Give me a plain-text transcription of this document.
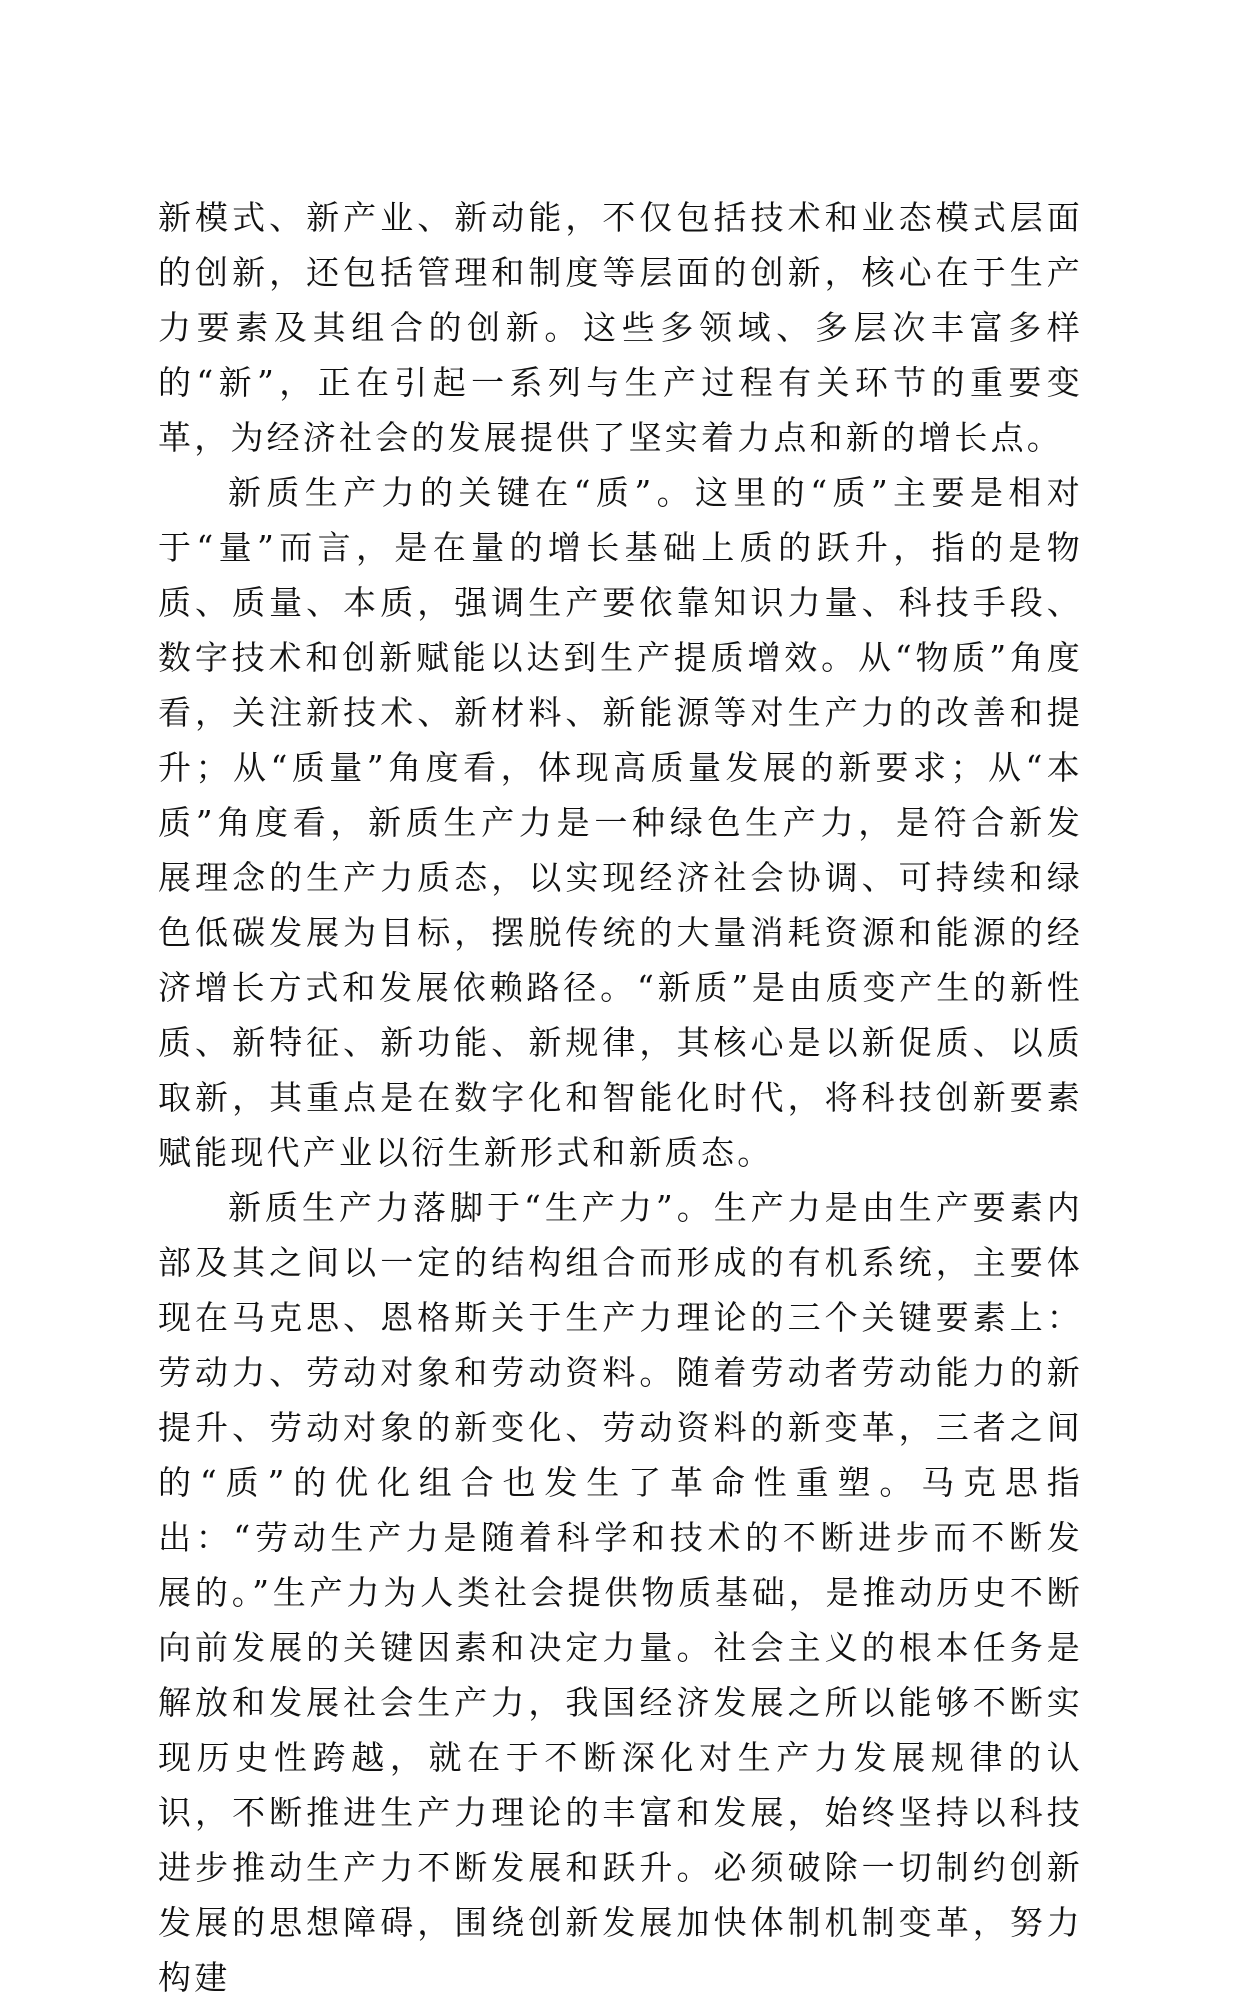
新模式、新产业、新动能，不仅包括技术和业态模式层面的创新，还包括管理和制度等层面的创新，核心在于生产力要素及其组合的创新。这些多领域、多层次丰富多样的“新”，正在引起一系列与生产过程有关环节的重要变革，为经济社会的发展提供了坚实着力点和新的增长点。

新质生产力的关键在“质”。这里的“质”主要是相对于“量”而言，是在量的增长基础上质的跃升，指的是物质、质量、本质，强调生产要依靠知识力量、科技手段、数字技术和创新赋能以达到生产提质增效。从“物质”角度看，关注新技术、新材料、新能源等对生产力的改善和提升；从“质量”角度看，体现高质量发展的新要求；从“本质”角度看，新质生产力是一种绿色生产力，是符合新发展理念的生产力质态，以实现经济社会协调、可持续和绿色低碳发展为目标，摆脱传统的大量消耗资源和能源的经济增长方式和发展依赖路径。“新质”是由质变产生的新性质、新特征、新功能、新规律，其核心是以新促质、以质取新，其重点是在数字化和智能化时代，将科技创新要素赋能现代产业以衍生新形式和新质态。

新质生产力落脚于“生产力”。生产力是由生产要素内部及其之间以一定的结构组合而形成的有机系统，主要体现在马克思、恩格斯关于生产力理论的三个关键要素上：劳动力、劳动对象和劳动资料。随着劳动者劳动能力的新提升、劳动对象的新变化、劳动资料的新变革，三者之间的“质”的优化组合也发生了革命性重塑。马克思指出：“劳动生产力是随着科学和技术的不断进步而不断发展的。”生产力为人类社会提供物质基础，是推动历史不断向前发展的关键因素和决定力量。社会主义的根本任务是解放和发展社会生产力，我国经济发展之所以能够不断实现历史性跨越，就在于不断深化对生产力发展规律的认识，不断推进生产力理论的丰富和发展，始终坚持以科技进步推动生产力不断发展和跃升。必须破除一切制约创新发展的思想障碍，围绕创新发展加快体制机制变革，努力构建
